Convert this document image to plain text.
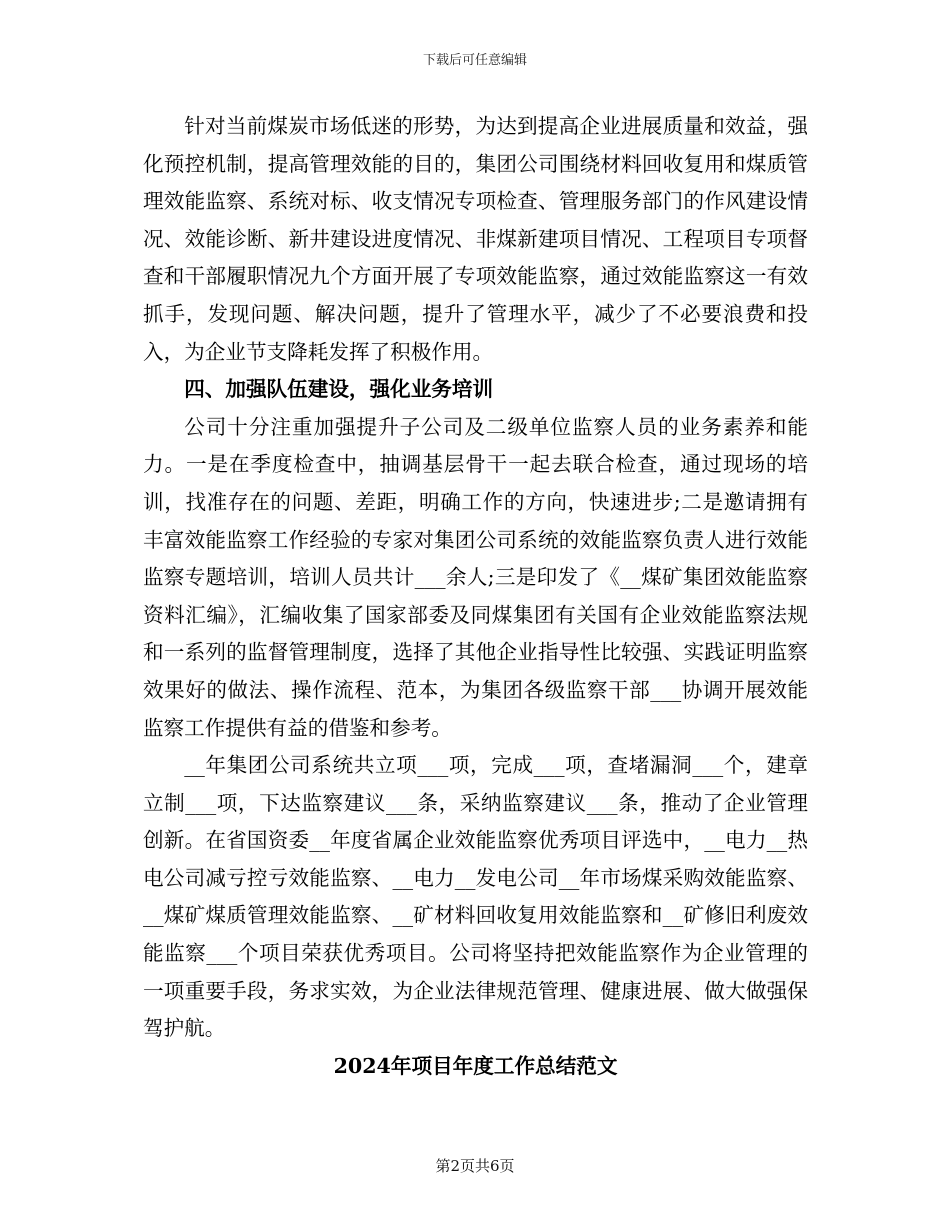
下载后可任意编辑

针对当前煤炭市场低迷的形势，为达到提高企业进展质量和效益，强化预控机制，提高管理效能的目的，集团公司围绕材料回收复用和煤质管理效能监察、系统对标、收支情况专项检查、管理服务部门的作风建设情况、效能诊断、新井建设进度情况、非煤新建项目情况、工程项目专项督查和干部履职情况九个方面开展了专项效能监察，通过效能监察这一有效抓手，发现问题、解决问题，提升了管理水平，减少了不必要浪费和投入，为企业节支降耗发挥了积极作用。

四、加强队伍建设，强化业务培训

公司十分注重加强提升子公司及二级单位监察人员的业务素养和能力。一是在季度检查中，抽调基层骨干一起去联合检查，通过现场的培训，找准存在的问题、差距，明确工作的方向，快速进步;二是邀请拥有丰富效能监察工作经验的专家对集团公司系统的效能监察负责人进行效能监察专题培训，培训人员共计___余人;三是印发了《__煤矿集团效能监察资料汇编》，汇编收集了国家部委及同煤集团有关国有企业效能监察法规和一系列的监督管理制度，选择了其他企业指导性比较强、实践证明监察效果好的做法、操作流程、范本，为集团各级监察干部___协调开展效能监察工作提供有益的借鉴和参考。

__年集团公司系统共立项___项，完成___项，查堵漏洞___个，建章立制___项，下达监察建议___条，采纳监察建议___条，推动了企业管理创新。在省国资委__年度省属企业效能监察优秀项目评选中，__电力__热电公司减亏控亏效能监察、__电力__发电公司__年市场煤采购效能监察、__煤矿煤质管理效能监察、__矿材料回收复用效能监察和__矿修旧利废效能监察___个项目荣获优秀项目。公司将坚持把效能监察作为企业管理的一项重要手段，务求实效，为企业法律规范管理、健康进展、做大做强保驾护航。

2024年项目年度工作总结范文

第2页共6页
